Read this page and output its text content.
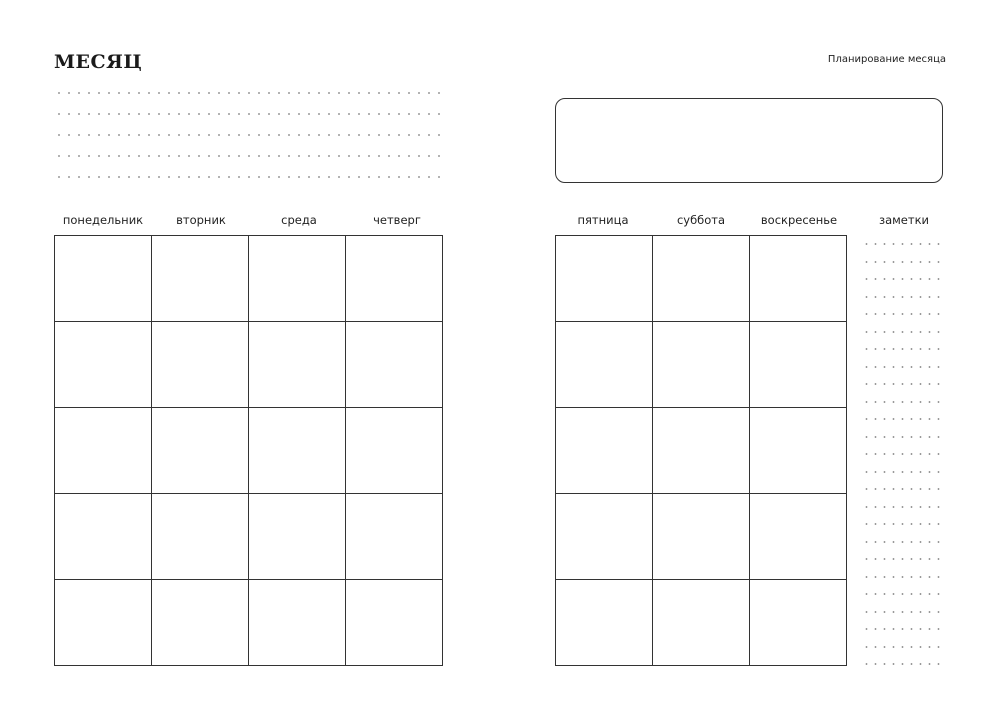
МЕСЯЦ	Планирование месяца
понедельник	вторник	среда	четверг	пятница	суббота	воскресенье	заметки
